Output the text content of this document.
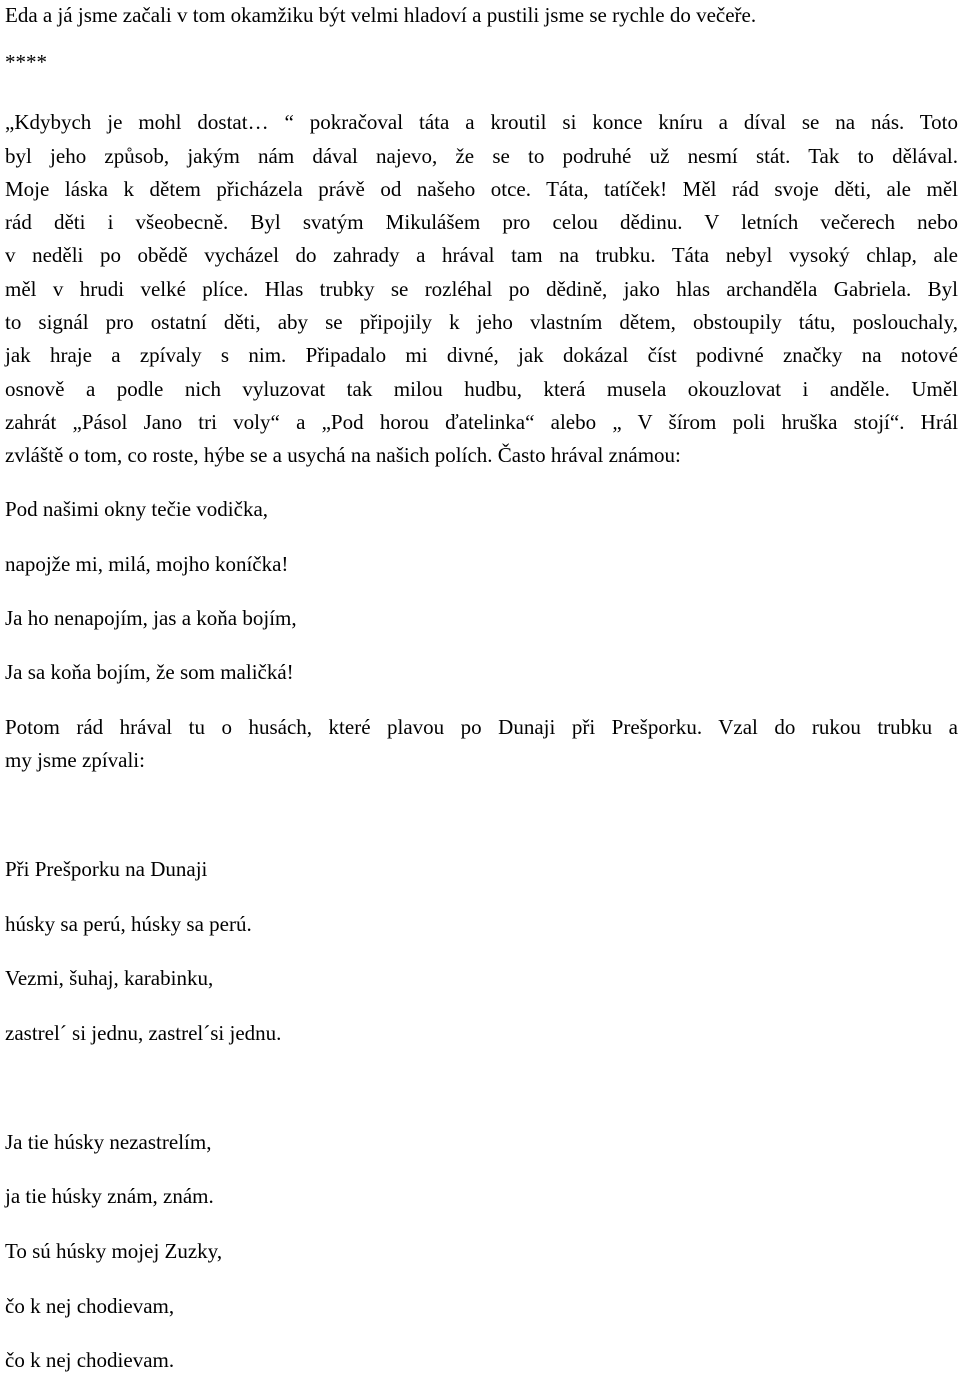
Eda a já jsme začali v tom okamžiku být velmi hladoví a pustili jsme se rychle do večeře.

****

„Kdybych je mohl dostat… “ pokračoval táta a kroutil si konce kníru a díval se na nás. Toto

byl jeho způsob, jakým nám dával najevo, že se to podruhé už nesmí stát. Tak to dělával.

Moje láska k dětem přicházela právě od našeho otce. Táta, tatíček! Měl rád svoje děti, ale měl

rád děti i všeobecně. Byl svatým Mikulášem pro celou dědinu. V letních večerech nebo

v neděli po obědě vycházel do zahrady a hrával tam na trubku. Táta nebyl vysoký chlap, ale

měl v hrudi velké plíce. Hlas trubky se rozléhal po dědině, jako hlas archanděla Gabriela. Byl

to signál pro ostatní děti, aby se připojily k jeho vlastním dětem, obstoupily tátu, poslouchaly,

jak hraje a zpívaly s nim. Připadalo mi divné, jak dokázal číst podivné značky na notové

osnově a podle nich vyluzovat tak milou hudbu, která musela okouzlovat i anděle. Uměl

zahrát „Pásol Jano tri voly“ a „Pod horou ďatelinka“ alebo „ V šírom poli hruška stojí“. Hrál

zvláště o tom, co roste, hýbe se a usychá na našich polích. Často hrával známou:

Pod našimi okny tečie vodička,

napojže mi, milá, mojho koníčka!

Ja ho nenapojím, jas a koňa bojím,

Ja sa koňa bojím, že som maličká!

Potom rád hrával tu o husách, které plavou po Dunaji při Prešporku. Vzal do rukou trubku a

my jsme zpívali:

Při Prešporku na Dunaji

húsky sa perú, húsky sa perú.

Vezmi, šuhaj, karabinku,

zastrel´ si jednu, zastrel´si jednu.

Ja tie húsky nezastrelím,

ja tie húsky znám, znám.

To sú húsky mojej Zuzky,

čo k nej chodievam,

čo k nej chodievam.
